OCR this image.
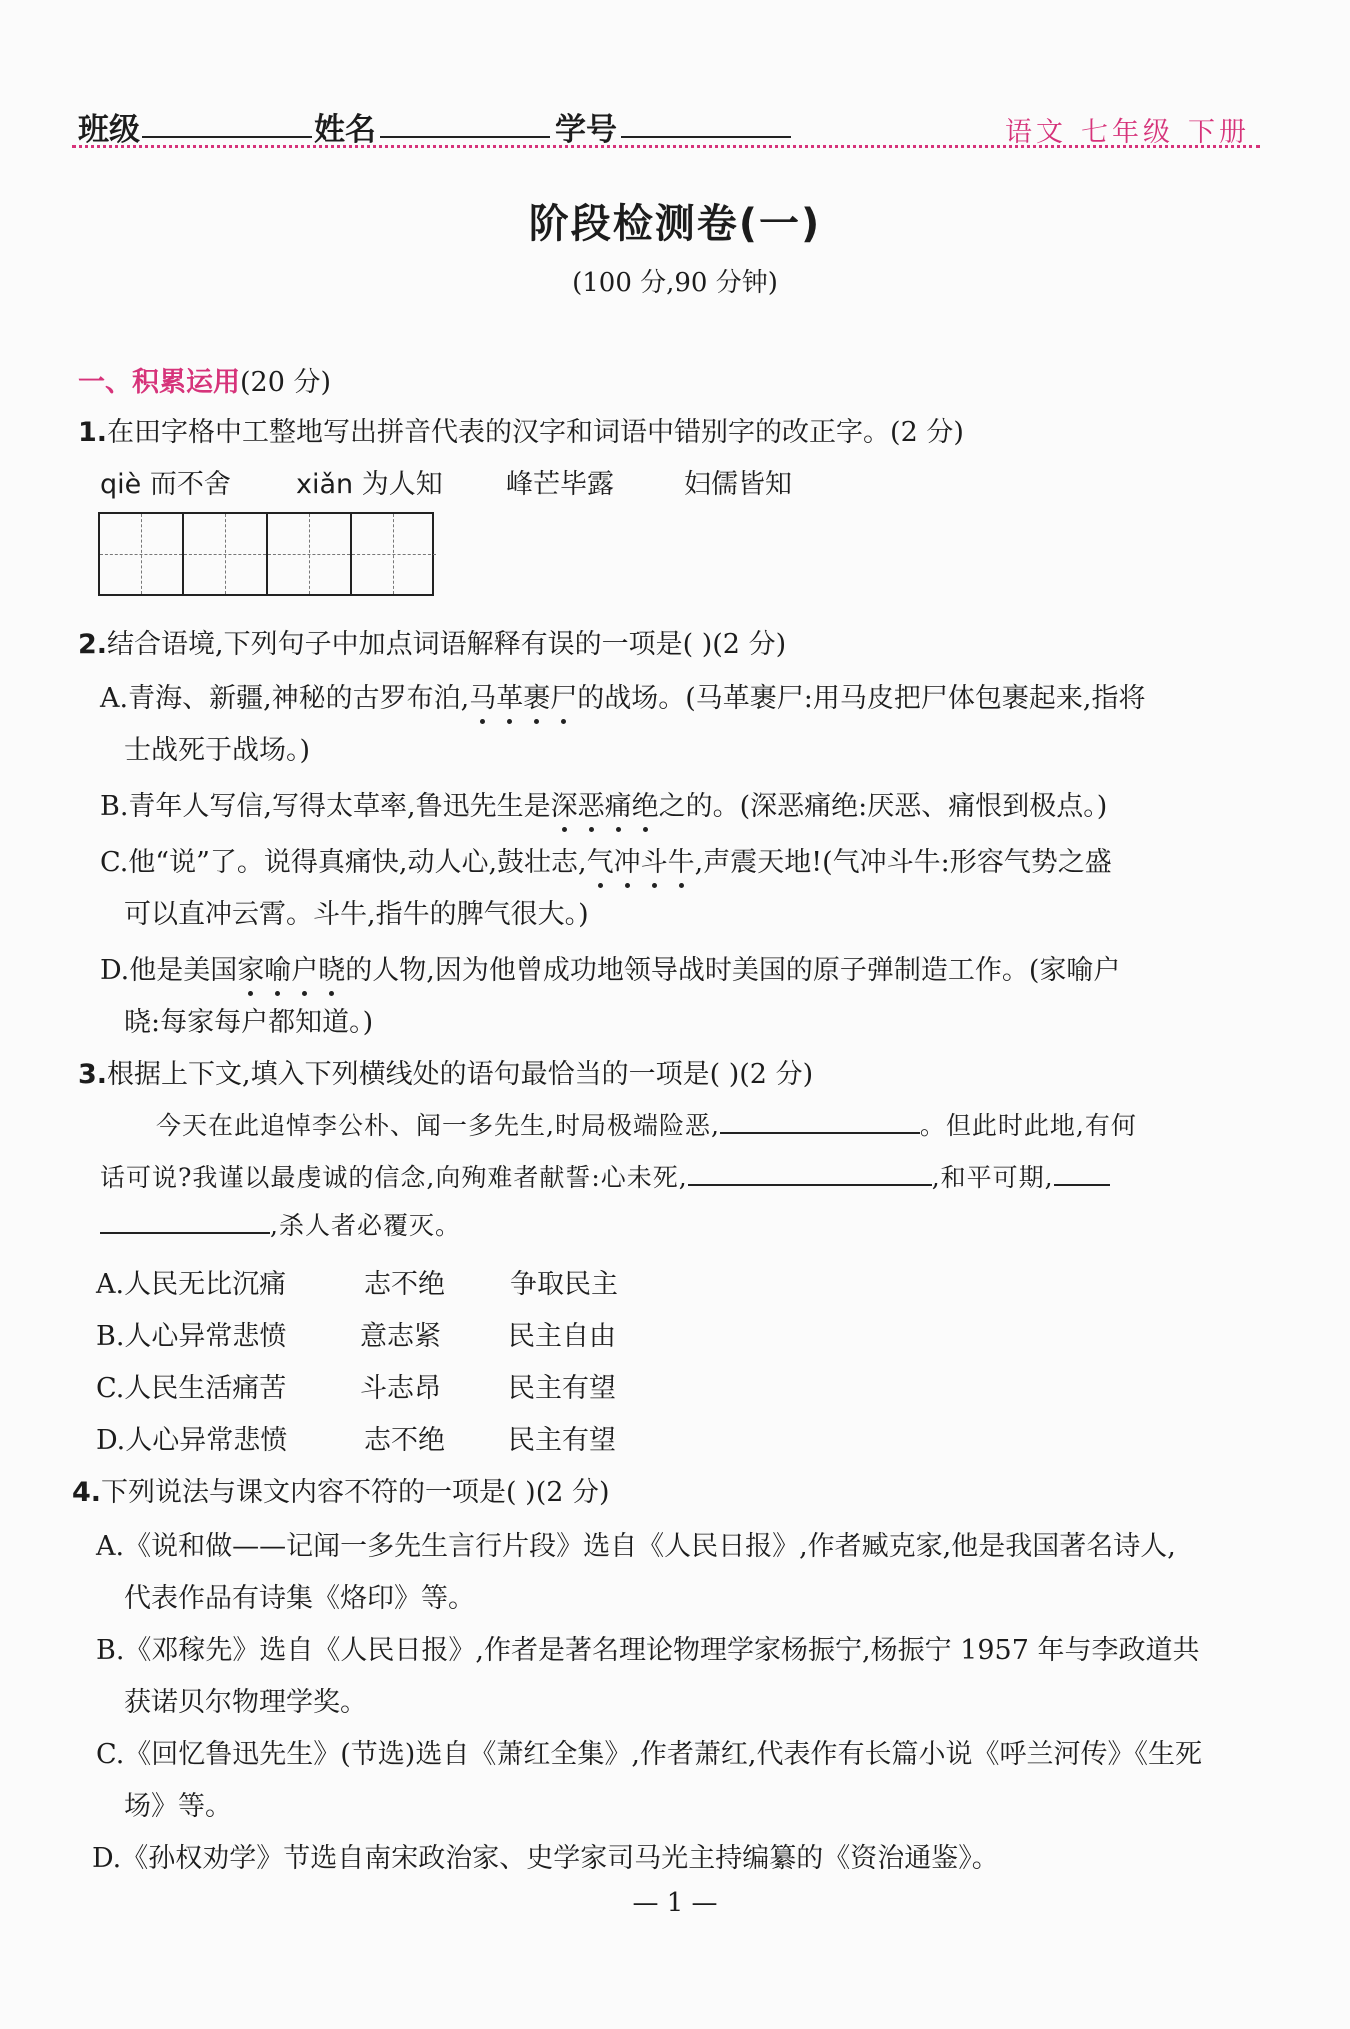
班级	姓名	学号	语文 七年级 下册
阶段检测卷(一)
(100 分,90 分钟)
一、积累运用(20 分)
1.在田字格中工整地写出拼音代表的汉字和词语中错别字的改正字。(2 分)
qiè 而不舍 xiǎn 为人知 峰芒毕露	妇儒皆知
2.结合语境,下列句子中加点词语解释有误的一项是( )(2 分)
A.青海、新疆,神秘的古罗布泊,马革裹尸的战场。(马革裹尸:用马皮把尸体包裹起来,指将
士战死于战场。)
B.青年人写信,写得太草率,鲁迅先生是深恶痛绝之的。(深恶痛绝:厌恶、痛恨到极点。)
C.他“说”了。说得真痛快,动人心,鼓壮志,气冲斗牛,声震天地!(气冲斗牛:形容气势之盛
可以直冲云霄。斗牛,指牛的脾气很大。)
D.他是美国家喻户晓的人物,因为他曾成功地领导战时美国的原子弹制造工作。(家喻户
晓:每家每户都知道。)
3.根据上下文,填入下列横线处的语句最恰当的一项是( )(2 分)
今天在此追悼李公朴、闻一多先生,时局极端险恶,	。但此时此地,有何
话可说?我谨以最虔诚的信念,向殉难者献誓:心未死,	,和平可期,
,杀人者必覆灭。
A.人民无比沉痛	志不绝 争取民主
B.人心异常悲愤	意志紧 民主自由
C.人民生活痛苦	斗志昂 民主有望
D.人心异常悲愤	志不绝 民主有望
4.下列说法与课文内容不符的一项是( )(2 分)
A.《说和做——记闻一多先生言行片段》选自《人民日报》,作者臧克家,他是我国著名诗人,
代表作品有诗集《烙印》等。
B.《邓稼先》选自《人民日报》,作者是著名理论物理学家杨振宁,杨振宁 1957 年与李政道共
获诺贝尔物理学奖。
C.《回忆鲁迅先生》(节选)选自《萧红全集》,作者萧红,代表作有长篇小说《呼兰河传》《生死
场》等。
D.《孙权劝学》节选自南宋政治家、史学家司马光主持编纂的《资治通鉴》。
— 1 —
